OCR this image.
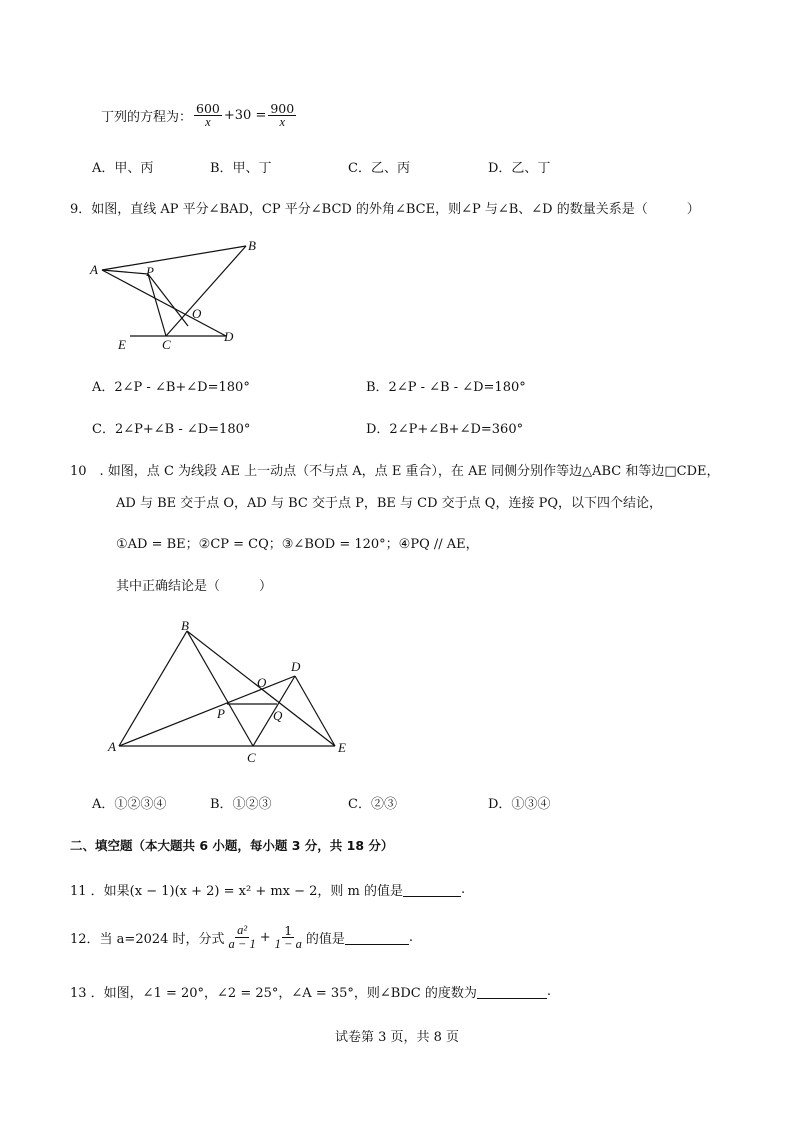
丁列的方程为： $\frac{600}{x} +30 = \frac{900}{x}$
A．甲、丙	B．甲、丁	C．乙、丙	D．乙、丁
9．如图，直线 AP 平分∠BAD，CP 平分∠BCD 的外角∠BCE，则∠P 与∠B、∠D 的数量关系是（　　　）
A
B
P
O
E	C
D
A．2∠P - ∠B+∠D=180°	B．2∠P - ∠B - ∠D=180°
C．2∠P+∠B - ∠D=180°	D．2∠P+∠B+∠D=360°
10　. 如图，点 C 为线段 AE 上一动点（不与点 A，点 E 重合），在 AE 同侧分别作等边△ABC 和等边□CDE，
AD 与 BE 交于点 O，AD 与 BC 交于点 P，BE 与 CD 交于点 Q，连接 PQ，以下四个结论，
①AD = BE；②CP = CQ；③∠BOD = 120°；④PQ // AE，
其中正确结论是（　　　）
B
D
O
P	Q
A
C
E
A．①②③④	B．①②③	C．②③	D．①③④
二、填空题（本大题共 6 小题，每小题 3 分，共 18 分）
11 ．如果(x − 1)(x + 2) = x² + mx − 2，则 m 的值是	.
12．当 a=2024 时，分式 $\frac{\text{a²}}{a - 1} + \frac{1}{1 - a}$ 的值是	.
13 ．如图，∠1 = 20°，∠2 = 25°，∠A = 35°，则∠BDC 的度数为	.
试卷第 3 页，共 8 页
